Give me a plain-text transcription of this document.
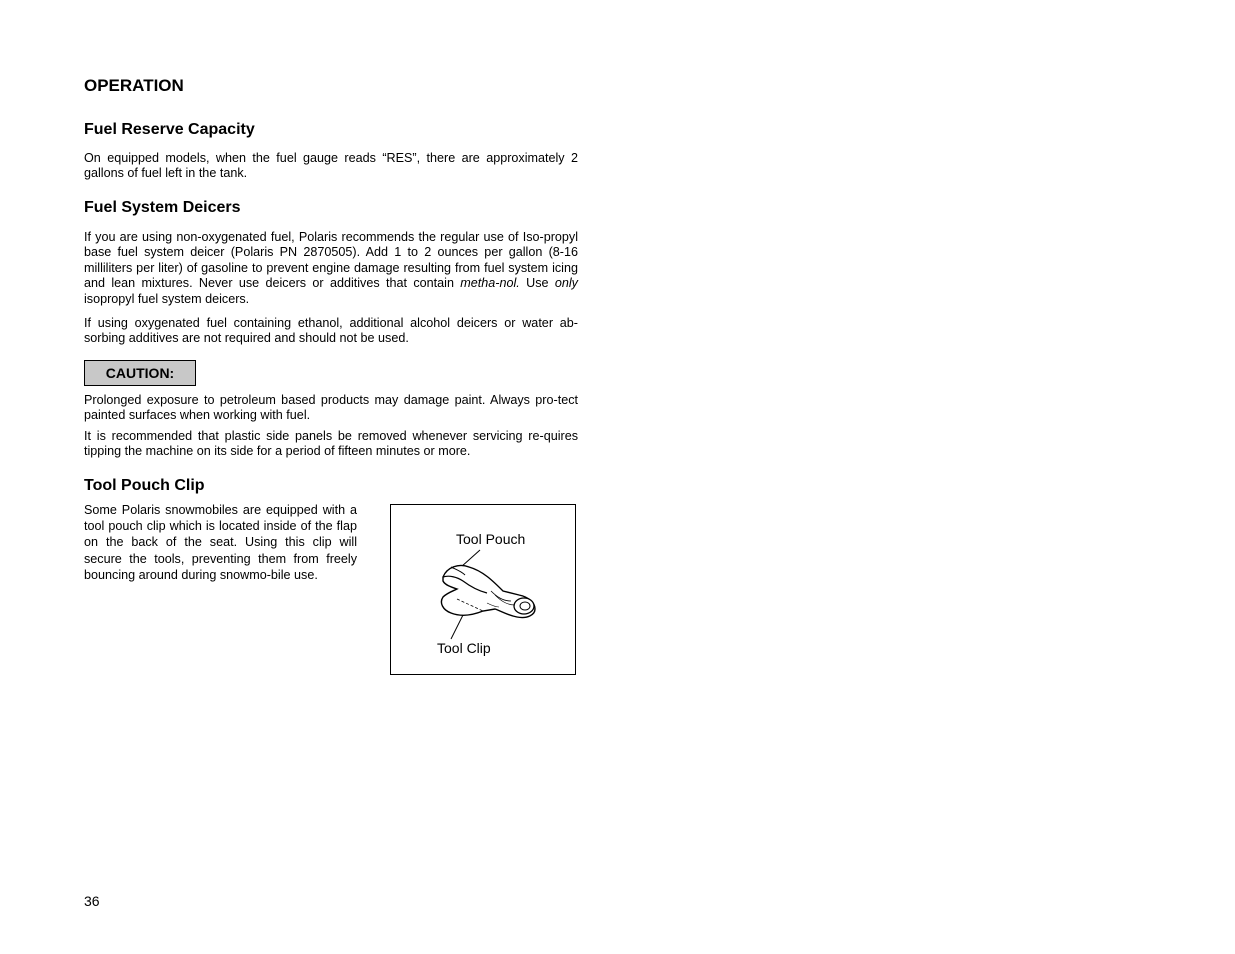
OPERATION
Fuel Reserve Capacity

On equipped models, when the fuel gauge reads “RES”, there are approximately 2 gallons of fuel left in the tank.

Fuel System Deicers

If you are using non-oxygenated fuel, Polaris recommends the regular use of Iso-propyl base fuel system deicer (Polaris PN 2870505). Add 1 to 2 ounces per gallon (8-16 milliliters per liter) of gasoline to prevent engine damage resulting from fuel system icing and lean mixtures. Never use deicers or additives that contain metha-nol. Use only isopropyl fuel system deicers.

If using oxygenated fuel containing ethanol, additional alcohol deicers or water ab-sorbing additives are not required and should not be used.

CAUTION:

Prolonged exposure to petroleum based products may damage paint. Always pro-tect painted surfaces when working with fuel.

It is recommended that plastic side panels be removed whenever servicing re-quires tipping the machine on its side for a period of fifteen minutes or more.

Tool Pouch Clip

Some Polaris snowmobiles are equipped with a tool pouch clip which is located inside of the flap on the back of the seat. Using this clip will secure the tools, preventing them from freely bouncing around during snowmo-bile use.

Tool Pouch
Tool Clip
36
